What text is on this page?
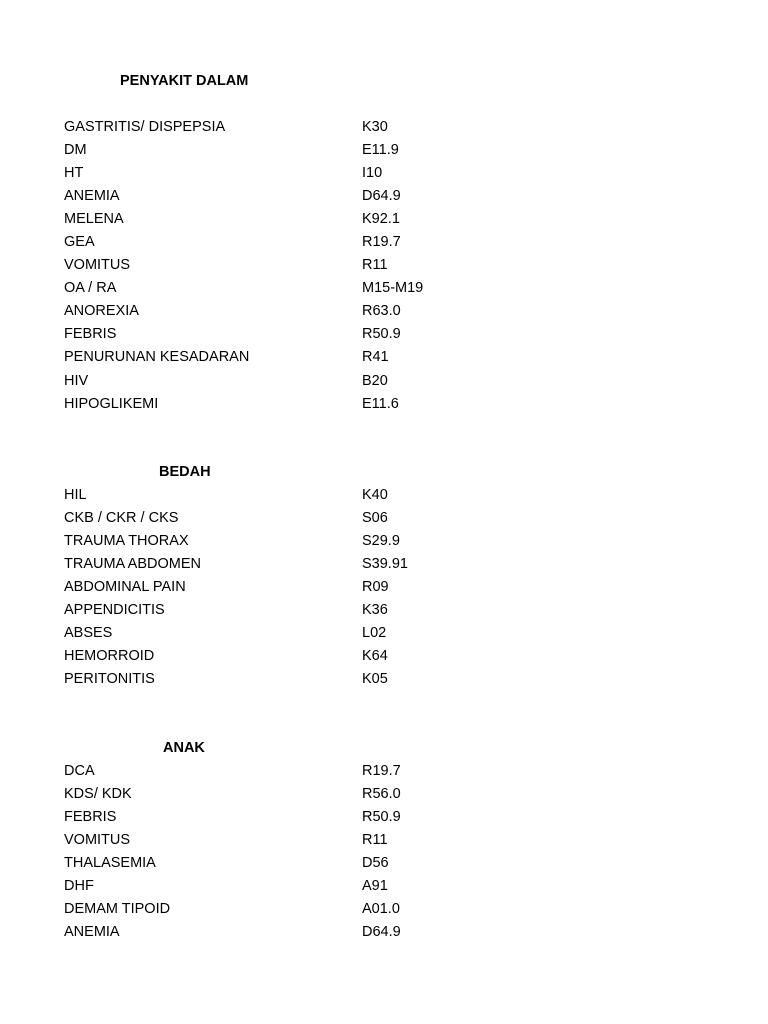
PENYAKIT DALAM
GASTRITIS/ DISPEPSIA	K30
DM	E11.9
HT	I10
ANEMIA	D64.9
MELENA	K92.1
GEA	R19.7
VOMITUS	R11
OA / RA	M15-M19
ANOREXIA	R63.0
FEBRIS	R50.9
PENURUNAN KESADARAN	R41
HIV	B20
HIPOGLIKEMI	E11.6
BEDAH
HIL	K40
CKB / CKR / CKS	S06
TRAUMA THORAX	S29.9
TRAUMA ABDOMEN	S39.91
ABDOMINAL PAIN	R09
APPENDICITIS	K36
ABSES	L02
HEMORROID	K64
PERITONITIS	K05
ANAK
DCA	R19.7
KDS/ KDK	R56.0
FEBRIS	R50.9
VOMITUS	R11
THALASEMIA	D56
DHF	A91
DEMAM TIPOID	A01.0
ANEMIA	D64.9
